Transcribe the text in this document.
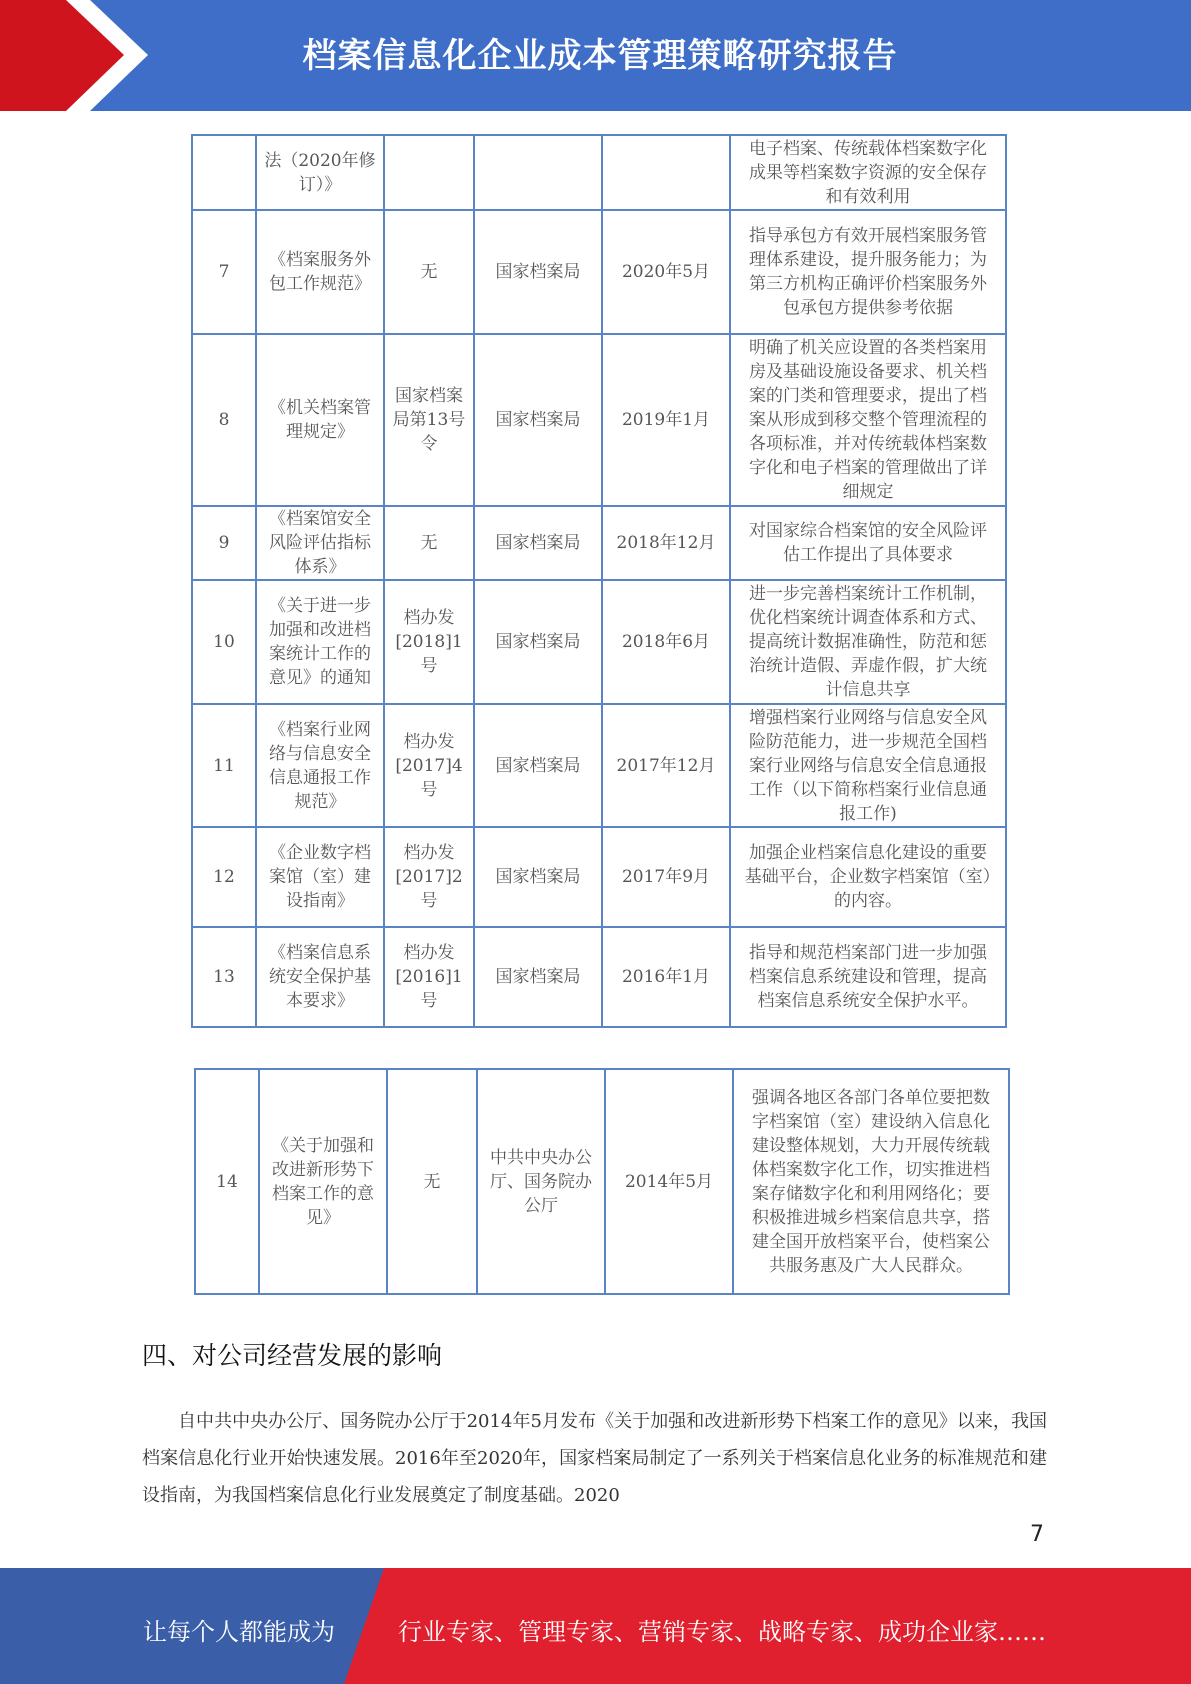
档案信息化企业成本管理策略研究报告
	法（2020年修订）》				电子档案、传统载体档案数字化成果等档案数字资源的安全保存和有效利用
7	《档案服务外包工作规范》	无	国家档案局	2020年5月	指导承包方有效开展档案服务管理体系建设，提升服务能力；为第三方机构正确评价档案服务外包承包方提供参考依据
8	《机关档案管理规定》	国家档案局第13号令	国家档案局	2019年1月	明确了机关应设置的各类档案用房及基础设施设备要求、机关档案的门类和管理要求，提出了档案从形成到移交整个管理流程的各项标准，并对传统载体档案数字化和电子档案的管理做出了详细规定
9	《档案馆安全风险评估指标体系》	无	国家档案局	2018年12月	对国家综合档案馆的安全风险评估工作提出了具体要求
10	《关于进一步加强和改进档案统计工作的意见》的通知	档办发[2018]1号	国家档案局	2018年6月	进一步完善档案统计工作机制，优化档案统计调查体系和方式、提高统计数据准确性，防范和惩治统计造假、弄虚作假，扩大统计信息共享
11	《档案行业网络与信息安全信息通报工作规范》	档办发[2017]4号	国家档案局	2017年12月	增强档案行业网络与信息安全风险防范能力，进一步规范全国档案行业网络与信息安全信息通报工作（以下简称档案行业信息通报工作)
12	《企业数字档案馆（室）建设指南》	档办发[2017]2号	国家档案局	2017年9月	加强企业档案信息化建设的重要基础平台，企业数字档案馆（室）的内容。
13	《档案信息系统安全保护基本要求》	档办发[2016]1号	国家档案局	2016年1月	指导和规范档案部门进一步加强档案信息系统建设和管理，提高档案信息系统安全保护水平。
14	《关于加强和改进新形势下档案工作的意见》	无	中共中央办公厅、国务院办公厅	2014年5月	强调各地区各部门各单位要把数字档案馆（室）建设纳入信息化建设整体规划，大力开展传统载体档案数字化工作，切实推进档案存储数字化和利用网络化；要积极推进城乡档案信息共享，搭建全国开放档案平台，使档案公共服务惠及广大人民群众。
四、对公司经营发展的影响

自中共中央办公厅、国务院办公厅于2014年5月发布《关于加强和改进新形势下档案工作的意见》以来，我国档案信息化行业开始快速发展。2016年至2020年，国家档案局制定了一系列关于档案信息化业务的标准规范和建设指南，为我国档案信息化行业发展奠定了制度基础。2020

7
让每个人都能成为	行业专家、管理专家、营销专家、战略专家、成功企业家……
